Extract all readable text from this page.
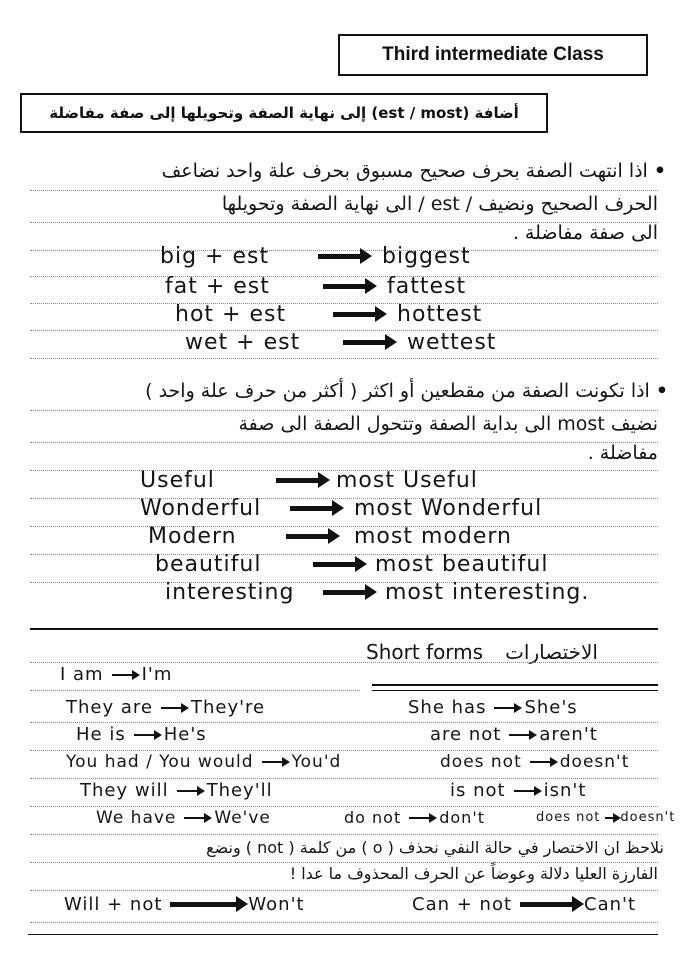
Third intermediate Class
أضافة (est / most) إلى نهاية الصفة وتحويلها إلى صفة مفاضلة
•
اذا انتهت الصفة بحرف صحيح مسبوق بحرف علة واحد نضاعف
الحرف الصحيح ونضيف / est / الى نهاية الصفة وتحويلها
الى صفة مفاضلة .
big + est	biggest
fat + est	fattest
hot + est	hottest
wet + est	wettest
•
اذا تكونت الصفة من مقطعين أو اكثر ( أكثر من حرف علة واحد )
نضيف most الى بداية الصفة وتتحول الصفة الى صفة
مفاضلة .
Useful	most Useful
Wonderful	most Wonderful
Modern	most modern
beautiful	most beautiful
interesting	most interesting.
Short forms الاختصارات
I am I'm
They are They're	She has She's
He is He's	are not aren't
You had / You would You'd	does not doesn't
They will They'll	is not isn't
We have We've	do not don't	does not doesn't
نلاحظ ان الاختصار في حالة النفي نحذف ( o ) من كلمة ( not ) ونضع
الفارزة العليا دلالة وعوضاً عن الحرف المحذوف ما عدا !
Will + not	Won't	Can + not	Can't
